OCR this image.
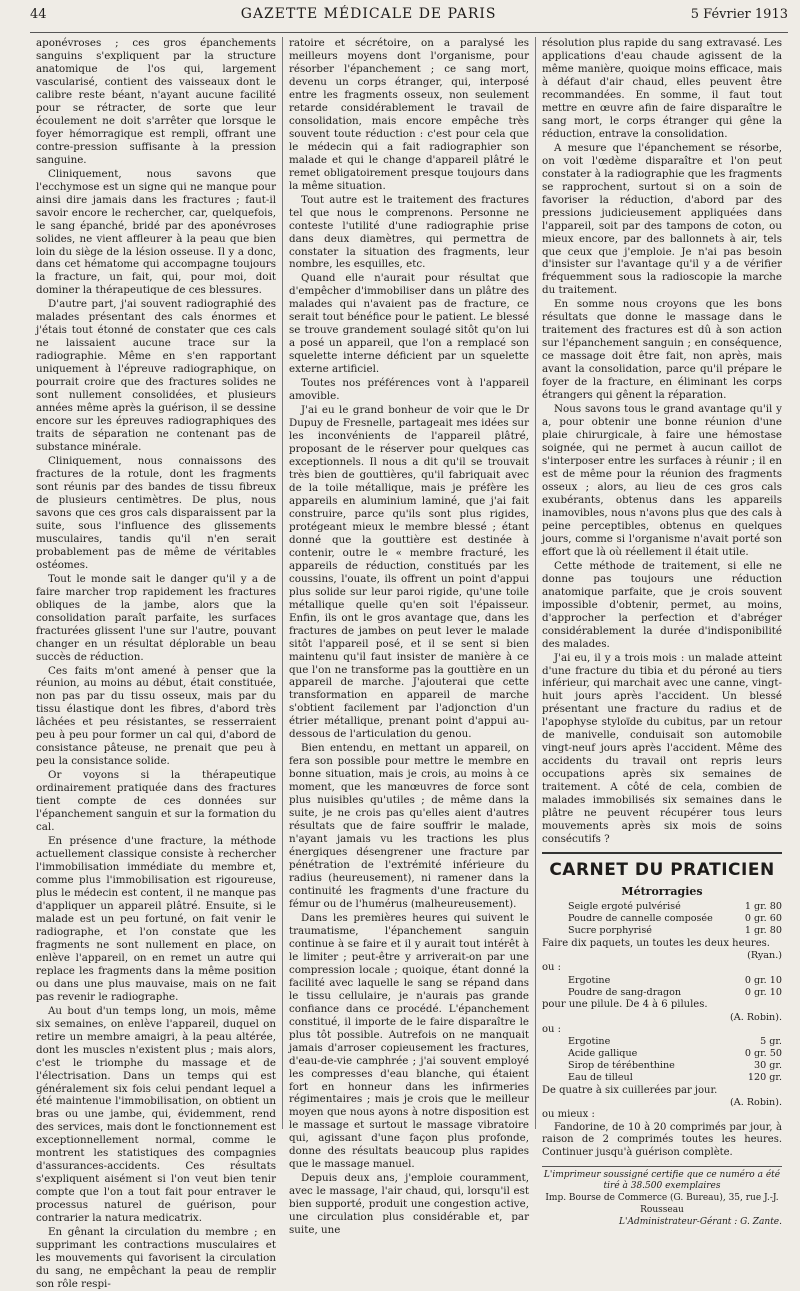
44	GAZETTE MÉDICALE DE PARIS	5 Février 1913

aponévroses ; ces gros épanchements sanguins s'expliquent par la structure anatomique de l'os qui, largement vascularisé, contient des vaisseaux dont le calibre reste béant, n'ayant aucune facilité pour se rétracter, de sorte que leur écoulement ne doit s'arrêter que lorsque le foyer hémorragique est rempli, offrant une contre-pression suffisante à la pression sanguine.

Cliniquement, nous savons que l'ecchymose est un signe qui ne manque pour ainsi dire jamais dans les fractures ; faut-il savoir encore le rechercher, car, quelquefois, le sang épanché, bridé par des aponévroses solides, ne vient affleurer à la peau que bien loin du siège de la lésion osseuse. Il y a donc, dans cet hématome qui accompagne toujours la fracture, un fait, qui, pour moi, doit dominer la thérapeutique de ces blessures.

D'autre part, j'ai souvent radiographié des malades présentant des cals énormes et j'étais tout étonné de constater que ces cals ne laissaient aucune trace sur la radiographie. Même en s'en rapportant uniquement à l'épreuve radiographique, on pourrait croire que des fractures solides ne sont nullement consolidées, et plusieurs années même après la guérison, il se dessine encore sur les épreuves radiographiques des traits de séparation ne contenant pas de substance minérale.

Cliniquement, nous connaissons des fractures de la rotule, dont les fragments sont réunis par des bandes de tissu fibreux de plusieurs centimètres. De plus, nous savons que ces gros cals disparaissent par la suite, sous l'influence des glissements musculaires, tandis qu'il n'en serait probablement pas de même de véritables ostéomes.

Tout le monde sait le danger qu'il y a de faire marcher trop rapidement les fractures obliques de la jambe, alors que la consolidation paraît parfaite, les surfaces fracturées glissent l'une sur l'autre, pouvant changer en un résultat déplorable un beau succès de réduction.

Ces faits m'ont amené à penser que la réunion, au moins au début, était constituée, non pas par du tissu osseux, mais par du tissu élastique dont les fibres, d'abord très lâchées et peu résistantes, se resserraient peu à peu pour former un cal qui, d'abord de consistance pâteuse, ne prenait que peu à peu la consistance solide.

Or voyons si la thérapeutique ordinairement pratiquée dans des fractures tient compte de ces données sur l'épanchement sanguin et sur la formation du cal.

En présence d'une fracture, la méthode actuellement classique consiste à rechercher l'immobilisation immédiate du membre et, comme plus l'immobilisation est rigoureuse, plus le médecin est content, il ne manque pas d'appliquer un appareil plâtré. Ensuite, si le malade est un peu fortuné, on fait venir le radiographe, et l'on constate que les fragments ne sont nullement en place, on enlève l'appareil, on en remet un autre qui replace les fragments dans la même position ou dans une plus mauvaise, mais on ne fait pas revenir le radiographe.

Au bout d'un temps long, un mois, même six semaines, on enlève l'appareil, duquel on retire un membre amaigri, à la peau altérée, dont les muscles n'existent plus ; mais alors, c'est le triomphe du massage et de l'électrisation. Dans un temps qui est généralement six fois celui pendant lequel a été maintenue l'immobilisation, on obtient un bras ou une jambe, qui, évidemment, rend des services, mais dont le fonctionnement est exceptionnellement normal, comme le montrent les statistiques des compagnies d'assurances-accidents. Ces résultats s'expliquent aisément si l'on veut bien tenir compte que l'on a tout fait pour entraver le processus naturel de guérison, pour contrarier la natura medicatrix.

En gênant la circulation du membre ; en supprimant les contractions musculaires et les mouvements qui favorisent la circulation du sang, ne empêchant la peau de remplir son rôle respi-

ratoire et sécrétoire, on a paralysé les meilleurs moyens dont l'organisme, pour résorber l'épanchement ; ce sang mort, devenu un corps étranger, qui, interposé entre les fragments osseux, non seulement retarde considérablement le travail de consolidation, mais encore empêche très souvent toute réduction : c'est pour cela que le médecin qui a fait radiographier son malade et qui le change d'appareil plâtré le remet obligatoirement presque toujours dans la même situation.

Tout autre est le traitement des fractures tel que nous le comprenons. Personne ne conteste l'utilité d'une radiographie prise dans deux diamètres, qui permettra de constater la situation des fragments, leur nombre, les esquilles, etc.

Quand elle n'aurait pour résultat que d'empêcher d'immobiliser dans un plâtre des malades qui n'avaient pas de fracture, ce serait tout bénéfice pour le patient. Le blessé se trouve grandement soulagé sitôt qu'on lui a posé un appareil, que l'on a remplacé son squelette interne déficient par un squelette externe artificiel.

Toutes nos préférences vont à l'appareil amovible.

J'ai eu le grand bonheur de voir que le Dr Dupuy de Fresnelle, partageait mes idées sur les inconvénients de l'appareil plâtré, proposant de le réserver pour quelques cas exceptionnels. Il nous a dit qu'il se trouvait très bien de gouttières, qu'il fabriquait avec de la toile métallique, mais je préfère les appareils en aluminium laminé, que j'ai fait construire, parce qu'ils sont plus rigides, protégeant mieux le membre blessé ; étant donné que la gouttière est destinée à contenir, outre le « membre fracturé, les appareils de réduction, constitués par les coussins, l'ouate, ils offrent un point d'appui plus solide sur leur paroi rigide, qu'une toile métallique quelle qu'en soit l'épaisseur. Enfin, ils ont le gros avantage que, dans les fractures de jambes on peut lever le malade sitôt l'appareil posé, et il se sent si bien maintenu qu'il faut insister de manière à ce que l'on ne transforme pas la gouttière en un appareil de marche. J'ajouterai que cette transformation en appareil de marche s'obtient facilement par l'adjonction d'un étrier métallique, prenant point d'appui au-dessous de l'articulation du genou.

Bien entendu, en mettant un appareil, on fera son possible pour mettre le membre en bonne situation, mais je crois, au moins à ce moment, que les manœuvres de force sont plus nuisibles qu'utiles ; de même dans la suite, je ne crois pas qu'elles aient d'autres résultats que de faire souffrir le malade, n'ayant jamais vu les tractions les plus énergiques désengrener une fracture par pénétration de l'extrémité inférieure du radius (heureusement), ni ramener dans la continuité les fragments d'une fracture du fémur ou de l'humérus (malheureusement).

Dans les premières heures qui suivent le traumatisme, l'épanchement sanguin continue à se faire et il y aurait tout intérêt à le limiter ; peut-être y arriverait-on par une compression locale ; quoique, étant donné la facilité avec laquelle le sang se répand dans le tissu cellulaire, je n'aurais pas grande confiance dans ce procédé. L'épanchement constitué, il importe de le faire disparaître le plus tôt possible. Autrefois on ne manquait jamais d'arroser copieusement les fractures, d'eau-de-vie camphrée ; j'ai souvent employé les compresses d'eau blanche, qui étaient fort en honneur dans les infirmeries régimentaires ; mais je crois que le meilleur moyen que nous ayons à notre disposition est le massage et surtout le massage vibratoire qui, agissant d'une façon plus profonde, donne des résultats beaucoup plus rapides que le massage manuel.

Depuis deux ans, j'emploie couramment, avec le massage, l'air chaud, qui, lorsqu'il est bien supporté, produit une congestion active, une circulation plus considérable et, par suite, une

résolution plus rapide du sang extravasé. Les applications d'eau chaude agissent de la même manière, quoique moins efficace, mais à défaut d'air chaud, elles peuvent être recommandées. En somme, il faut tout mettre en œuvre afin de faire disparaître le sang mort, le corps étranger qui gêne la réduction, entrave la consolidation.

A mesure que l'épanchement se résorbe, on voit l'œdème disparaître et l'on peut constater à la radiographie que les fragments se rapprochent, surtout si on a soin de favoriser la réduction, d'abord par des pressions judicieusement appliquées dans l'appareil, soit par des tampons de coton, ou mieux encore, par des ballonnets à air, tels que ceux que j'emploie. Je n'ai pas besoin d'insister sur l'avantage qu'il y a de vérifier fréquemment sous la radioscopie la marche du traitement.

En somme nous croyons que les bons résultats que donne le massage dans le traitement des fractures est dû à son action sur l'épanchement sanguin ; en conséquence, ce massage doit être fait, non après, mais avant la consolidation, parce qu'il prépare le foyer de la fracture, en éliminant les corps étrangers qui gênent la réparation.

Nous savons tous le grand avantage qu'il y a, pour obtenir une bonne réunion d'une plaie chirurgicale, à faire une hémostase soignée, qui ne permet à aucun caillot de s'interposer entre les surfaces à réunir ; il en est de même pour la réunion des fragments osseux ; alors, au lieu de ces gros cals exubérants, obtenus dans les appareils inamovibles, nous n'avons plus que des cals à peine perceptibles, obtenus en quelques jours, comme si l'organisme n'avait porté son effort que là où réellement il était utile.

Cette méthode de traitement, si elle ne donne pas toujours une réduction anatomique parfaite, que je crois souvent impossible d'obtenir, permet, au moins, d'approcher la perfection et d'abréger considérablement la durée d'indisponibilité des malades.

J'ai eu, il y a trois mois : un malade atteint d'une fracture du tibia et du péroné au tiers inférieur, qui marchait avec une canne, vingt-huit jours après l'accident. Un blessé présentant une fracture du radius et de l'apophyse styloïde du cubitus, par un retour de manivelle, conduisait son automobile vingt-neuf jours après l'accident. Même des accidents du travail ont repris leurs occupations après six semaines de traitement. A côté de cela, combien de malades immobilisés six semaines dans le plâtre ne peuvent récupérer tous leurs mouvements après six mois de soins consécutifs ?

CARNET DU PRATICIEN
Métrorragies
Seigle ergoté pulvérisé	1 gr. 80
Poudre de cannelle composée	0 gr. 60
Sucre porphyrisé	1 gr. 80
Faire dix paquets, un toutes les deux heures.
(Ryan.)
ou :
Ergotine	0 gr. 10
Poudre de sang-dragon	0 gr. 10
pour une pilule. De 4 à 6 pilules.
(A. Robin).
ou :
Ergotine	5 gr.
Acide gallique	0 gr. 50
Sirop de térébenthine	30 gr.
Eau de tilleul	120 gr.
De quatre à six cuillerées par jour.
(A. Robin).
ou mieux :

Fandorine, de 10 à 20 comprimés par jour, à raison de 2 comprimés toutes les heures. Continuer jusqu'à guérison complète.

L'imprimeur soussigné certifie que ce numéro a été tiré à 38.500 exemplaires
Imp. Bourse de Commerce (G. Bureau), 35, rue J.-J. Rousseau
L'Administrateur-Gérant : G. Zante.
